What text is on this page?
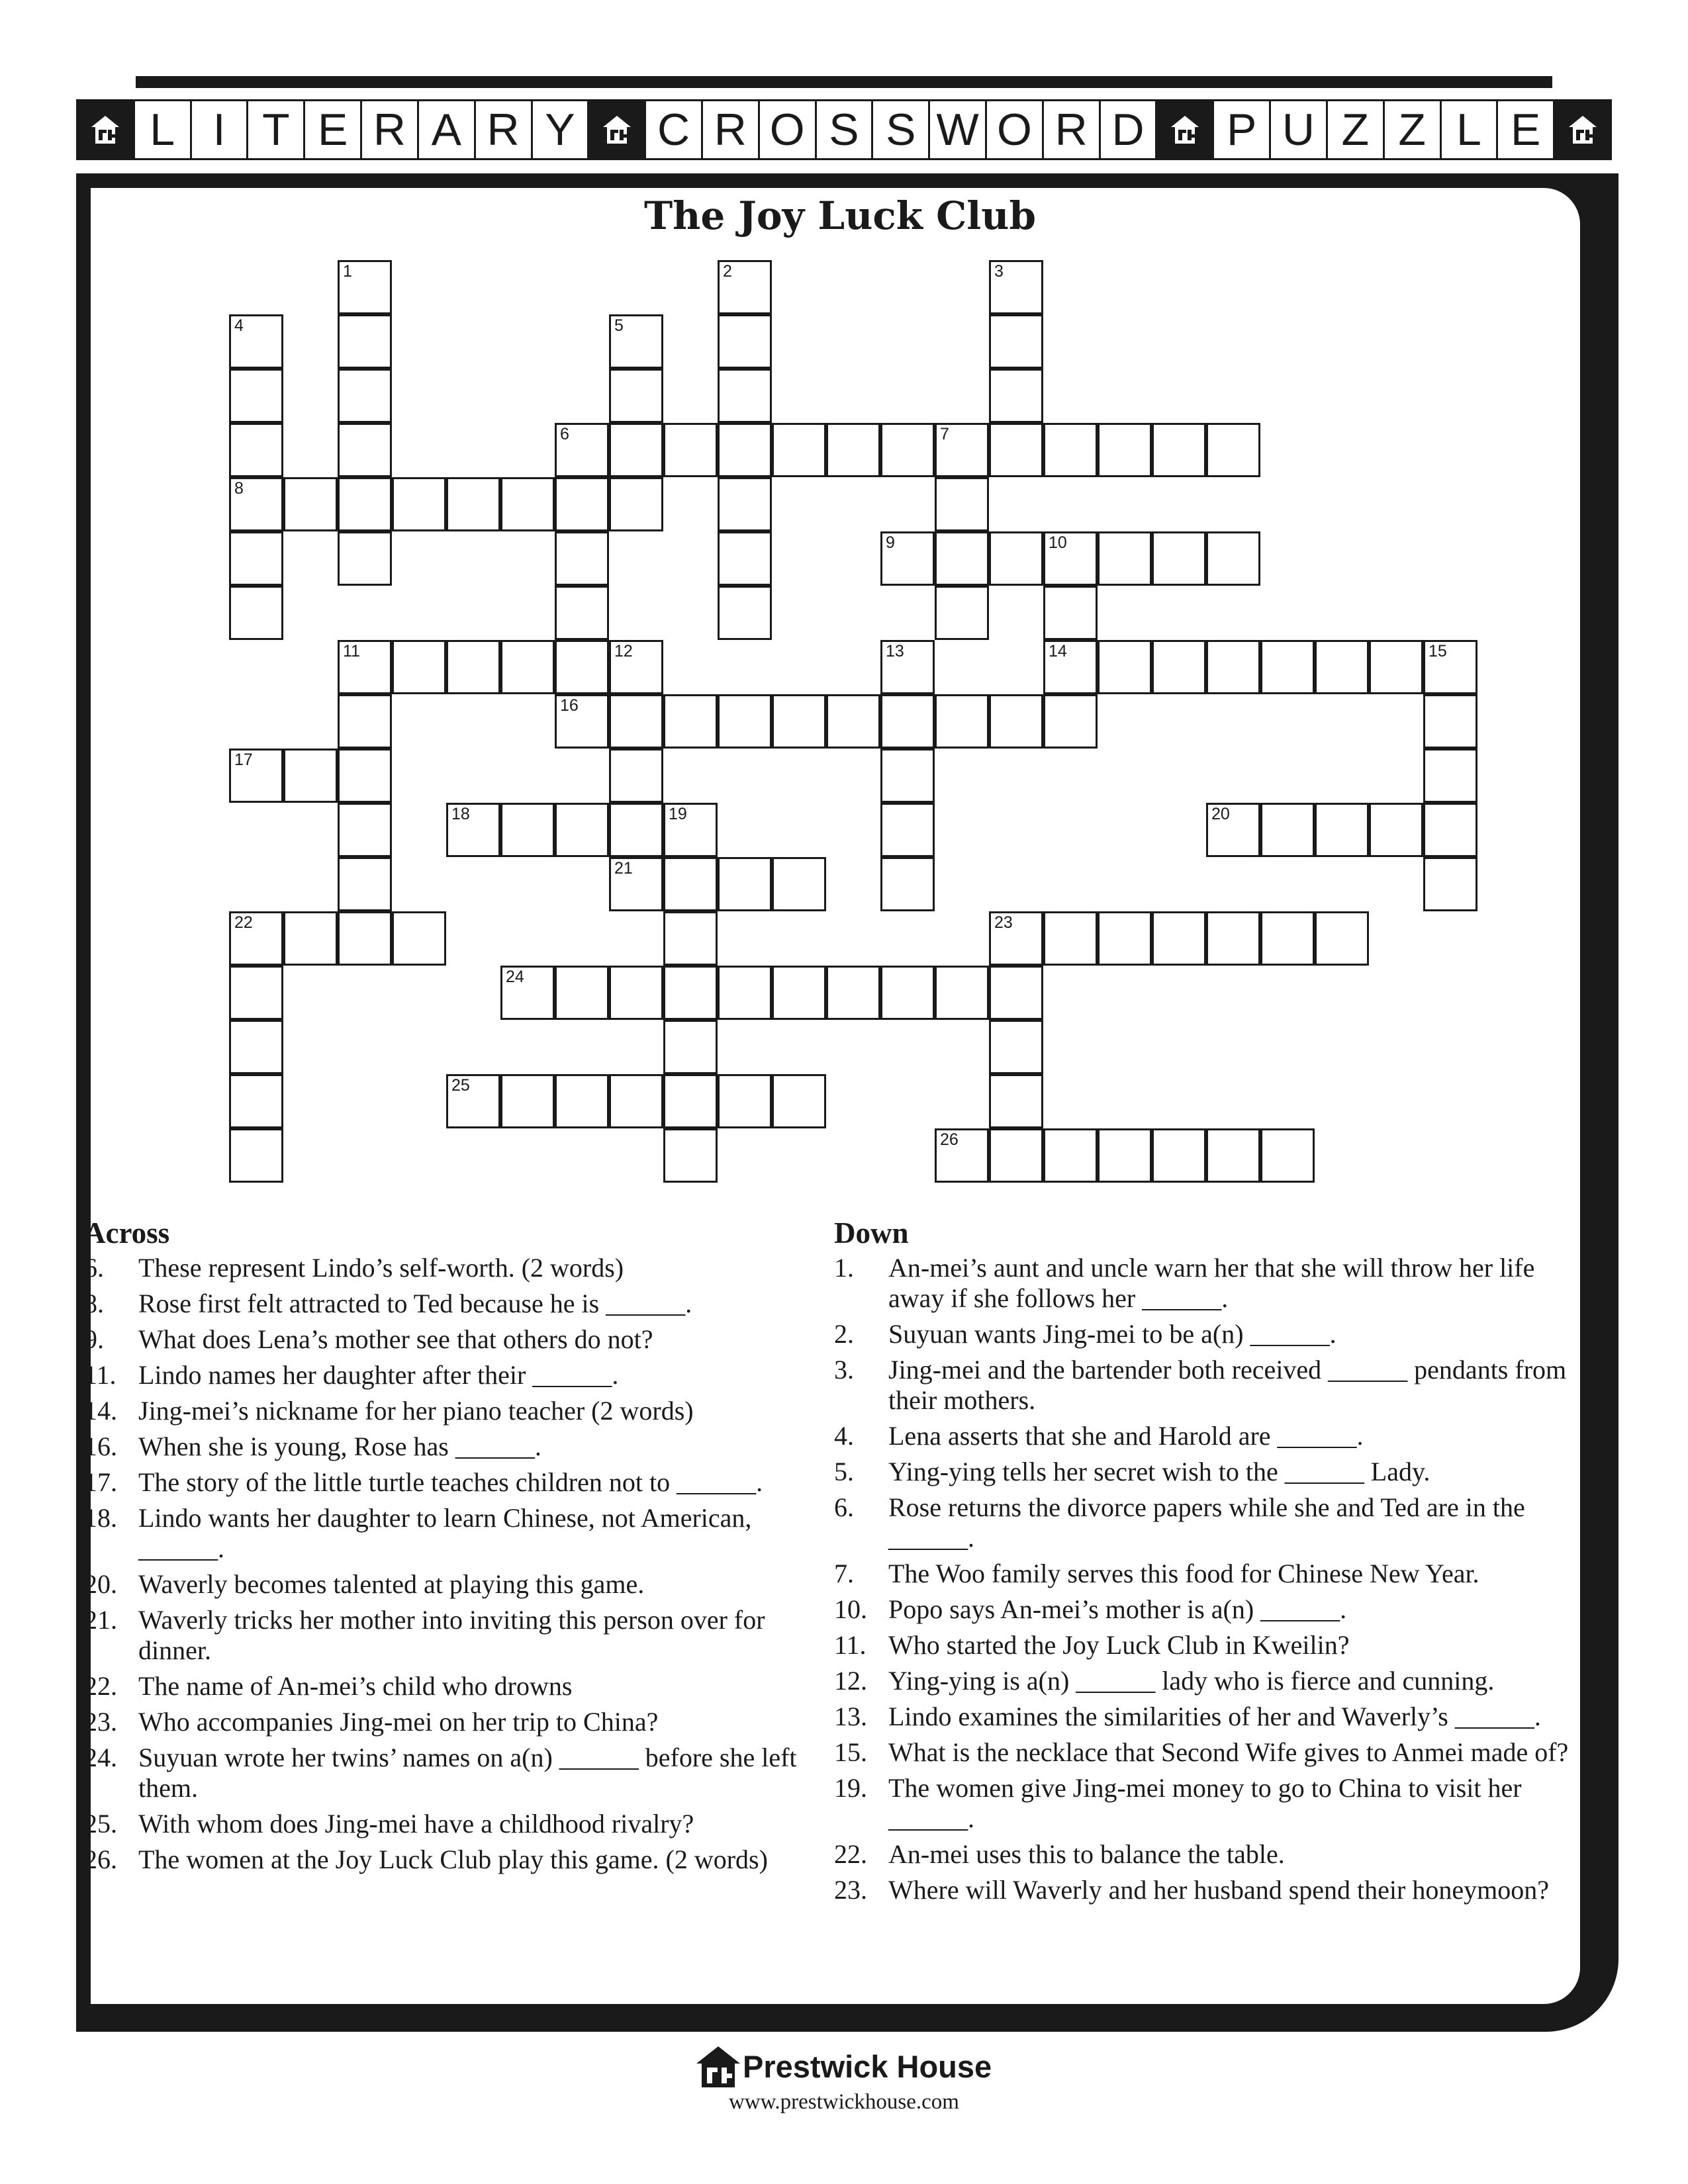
L I T E R A R Y C R O S S W O R D	P U Z Z L E
The Joy Luck Club
6	7
8
9	10
11	12	14	15
16
17
18	19	20
21
22	23
24
25
26
1	2	3
4	5
13
Across
6.	These represent Lindo’s self-worth. (2 words)
8.	Rose first felt attracted to Ted because he is ______.
9.	What does Lena’s mother see that others do not?
11. Lindo names her daughter after their ______.
14. Jing-mei’s nickname for her piano teacher (2 words)
16. When she is young, Rose has ______.
17. The story of the little turtle teaches children not to ______.
18. Lindo wants her daughter to learn Chinese, not American, ______.
20. Waverly becomes talented at playing this game.
21. Waverly tricks her mother into inviting this person over for dinner.
22. The name of An-mei’s child who drowns
23. Who accompanies Jing-mei on her trip to China?
24. Suyuan wrote her twins’ names on a(n) ______ before she left them.
25. With whom does Jing-mei have a childhood rivalry?
26. The women at the Joy Luck Club play this game. (2 words)
Down
1.	An-mei’s aunt and uncle warn her that she will throw her life away if she follows her ______.
2.	Suyuan wants Jing-mei to be a(n) ______.
3.	Jing-mei and the bartender both received ______ pendants from their mothers.
4.	Lena asserts that she and Harold are ______.
5.	Ying-ying tells her secret wish to the ______ Lady.
6.	Rose returns the divorce papers while she and Ted are in the ______.
7.	The Woo family serves this food for Chinese New Year.
10. Popo says An-mei’s mother is a(n) ______.
11. Who started the Joy Luck Club in Kweilin?
12. Ying-ying is a(n) ______ lady who is fierce and cunning.
13. Lindo examines the similarities of her and Waverly’s ______.
15. What is the necklace that Second Wife gives to Anmei made of?
19. The women give Jing-mei money to go to China to visit her ______.
22. An-mei uses this to balance the table.
23. Where will Waverly and her husband spend their honeymoon?
Prestwick House
www.prestwickhouse.com
